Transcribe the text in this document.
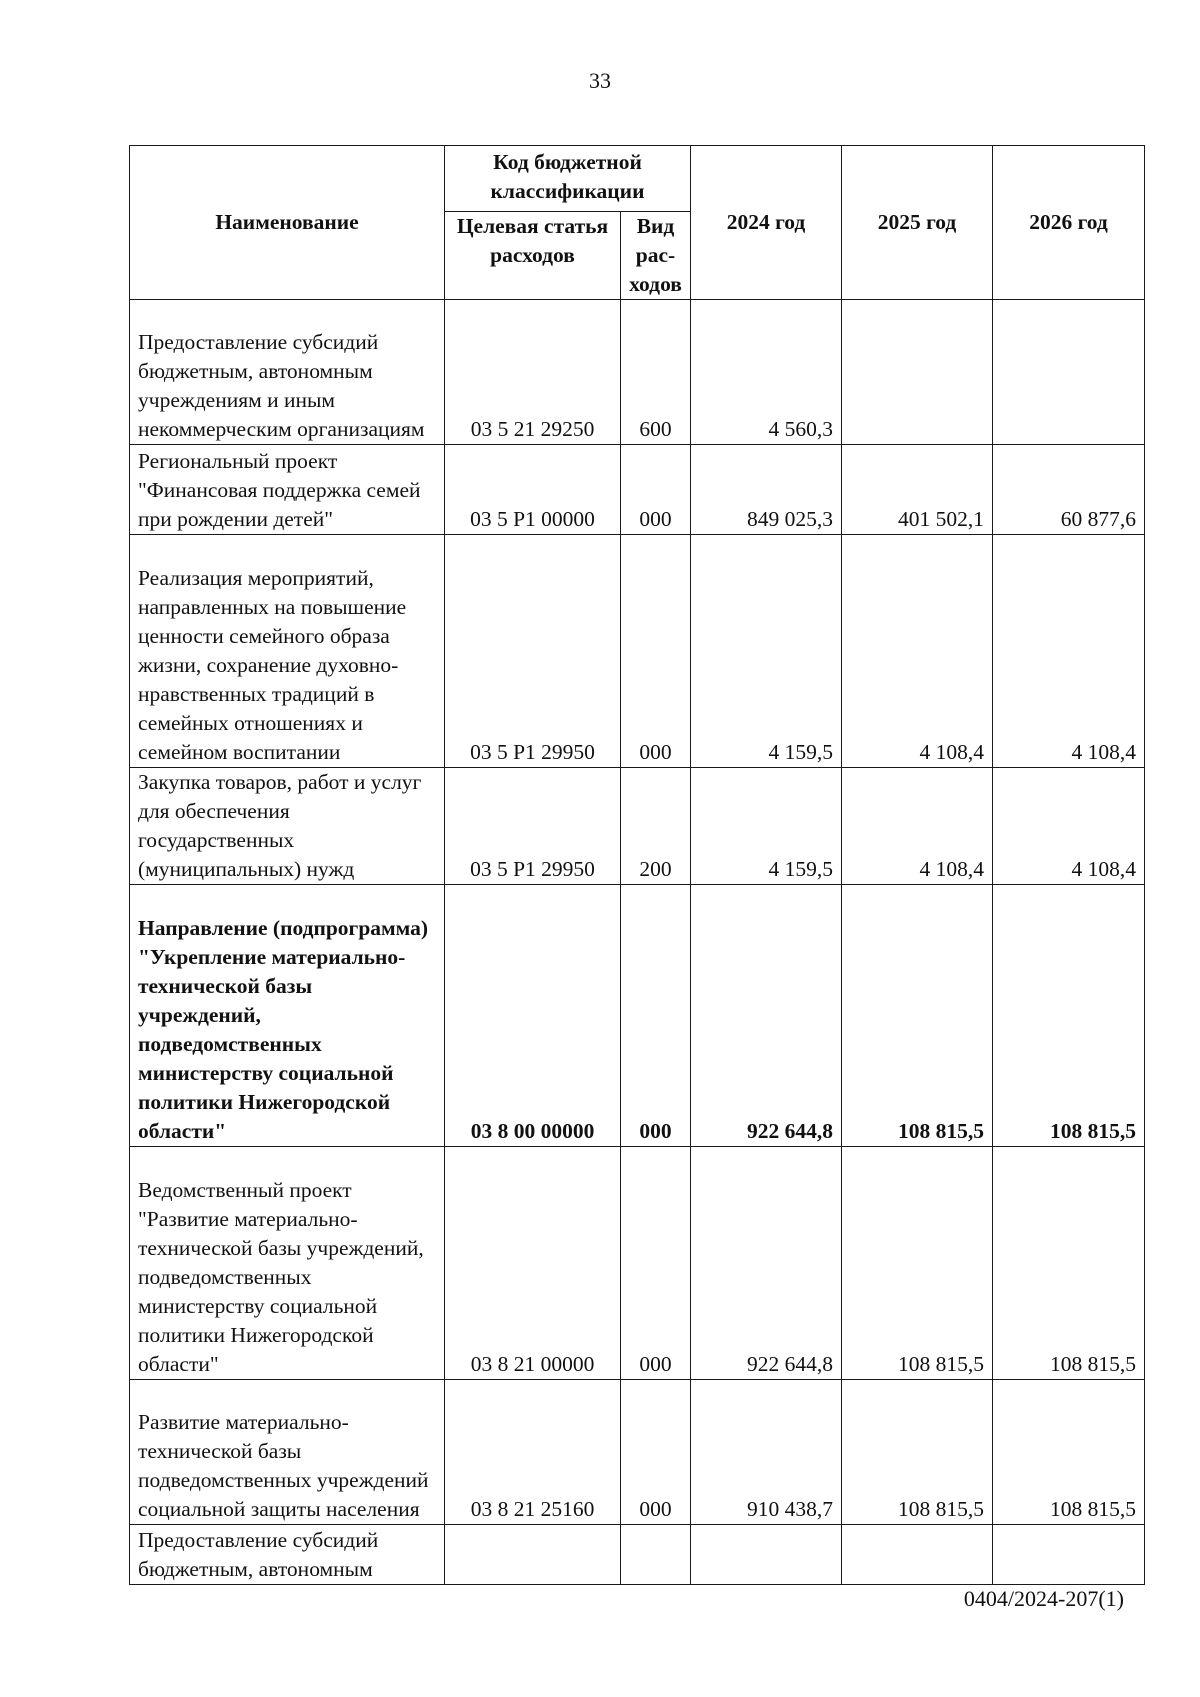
33
Наименование	Код бюджетной классификации		2024 год	2025 год	2026 год
	Целевая статья расходов	Вид рас-ходов			
Предоставление субсидий бюджетным, автономным учреждениям и иным некоммерческим организациям	03 5 21 29250	600	4 560,3		
Региональный проект "Финансовая поддержка семей при рождении детей"	03 5 P1 00000	000	849 025,3	401 502,1	60 877,6
Реализация мероприятий, направленных на повышение ценности семейного образа жизни, сохранение духовно-нравственных традиций в семейных отношениях и семейном воспитании	03 5 P1 29950	000	4 159,5	4 108,4	4 108,4
Закупка товаров, работ и услуг для обеспечения государственных (муниципальных) нужд	03 5 P1 29950	200	4 159,5	4 108,4	4 108,4
Направление (подпрограмма) "Укрепление материально-технической базы учреждений, подведомственных министерству социальной политики Нижегородской области"	03 8 00 00000	000	922 644,8	108 815,5	108 815,5
Ведомственный проект "Развитие материально-технической базы учреждений, подведомственных министерству социальной политики Нижегородской области"	03 8 21 00000	000	922 644,8	108 815,5	108 815,5
Развитие материально-технической базы подведомственных учреждений социальной защиты населения	03 8 21 25160	000	910 438,7	108 815,5	108 815,5
Предоставление субсидий бюджетным, автономным					
0404/2024-207(1)
